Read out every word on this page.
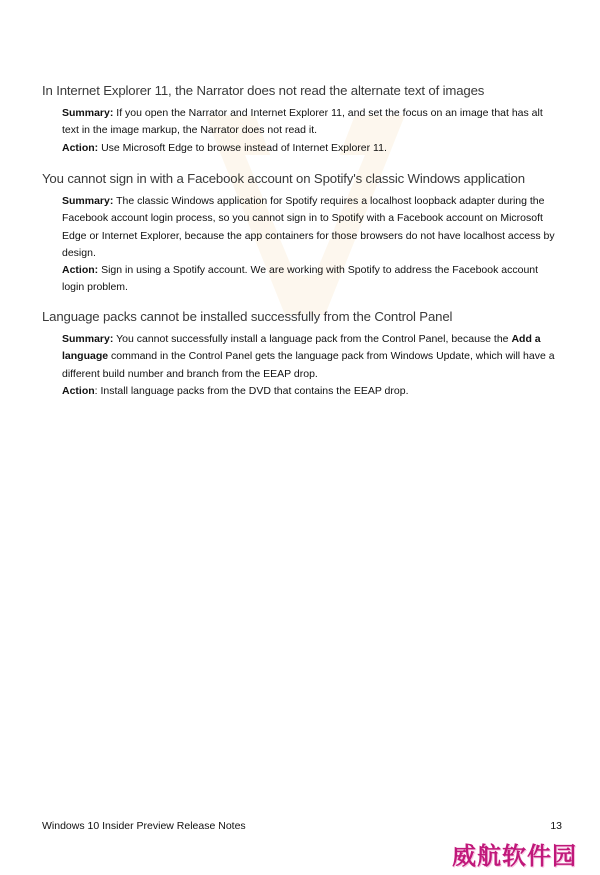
In Internet Explorer 11, the Narrator does not read the alternate text of images

Summary: If you open the Narrator and Internet Explorer 11, and set the focus on an image that has alt text in the image markup, the Narrator does not read it.

Action: Use Microsoft Edge to browse instead of Internet Explorer 11.

You cannot sign in with a Facebook account on Spotify's classic Windows application

Summary: The classic Windows application for Spotify requires a localhost loopback adapter during the Facebook account login process, so you cannot sign in to Spotify with a Facebook account on Microsoft Edge or Internet Explorer, because the app containers for those browsers do not have localhost access by design.

Action: Sign in using a Spotify account. We are working with Spotify to address the Facebook account login problem.

Language packs cannot be installed successfully from the Control Panel

Summary: You cannot successfully install a language pack from the Control Panel, because the Add a language command in the Control Panel gets the language pack from Windows Update, which will have a different build number and branch from the EEAP drop.

Action: Install language packs from the DVD that contains the EEAP drop.

Windows 10 Insider Preview Release Notes	13
威航软件园
